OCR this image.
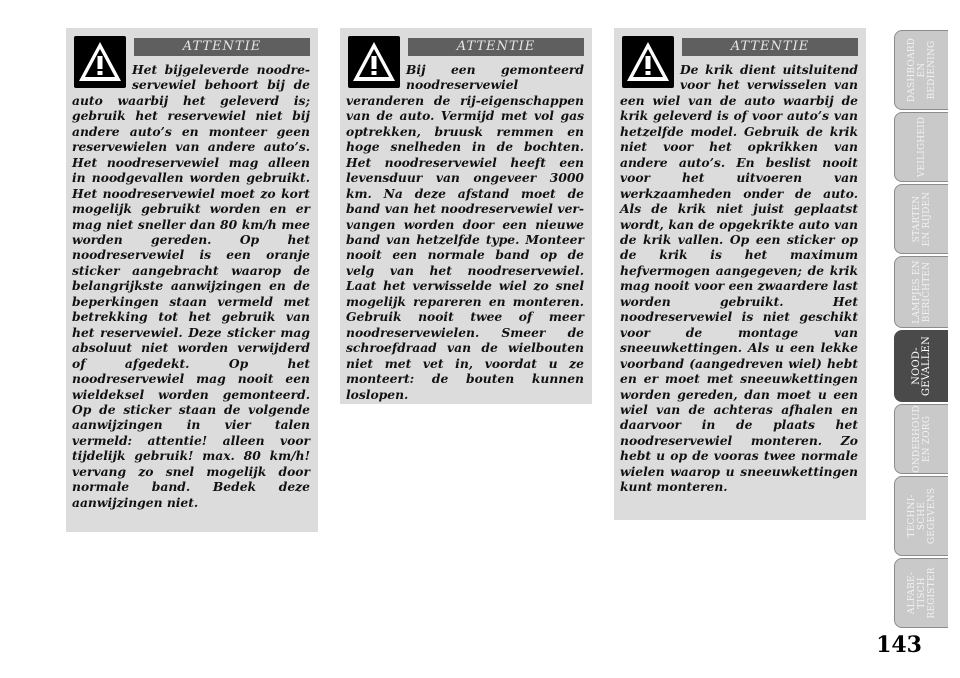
ATTENTIE

Het bijgeleverde noodreservewiel behoort bij de auto waarbij het geleverd is; gebruik het reservewiel niet bij andere auto’s en monteer geen reservewielen van andere auto’s. Het noodreservewiel mag alleen in noodgevallen worden gebruikt. Het noodreservewiel moet zo kort mogelijk gebruikt worden en er mag niet sneller dan 80 km/h mee worden gereden. Op het noodreservewiel is een oranje sticker aangebracht waarop de belangrijkste aanwijzingen en de beperkingen staan vermeld met betrekking tot het gebruik van het reservewiel. Deze sticker mag absoluut niet worden verwijderd of afgedekt. Op het noodreservewiel mag nooit een wieldeksel worden gemonteerd. Op de sticker staan de volgende aanwijzingen in vier talen vermeld: attentie! alleen voor tijdelijk gebruik! max. 80 km/h! vervang zo snel mogelijk door normale band. Bedek deze aanwijzingen niet.

ATTENTIE

Bij een gemonteerd noodreservewiel veranderen de rij-eigenschappen van de auto. Vermijd met vol gas optrekken, bruusk remmen en hoge snelheden in de bochten. Het noodreservewiel heeft een levensduur van ongeveer 3000 km. Na deze afstand moet de band van het noodreservewiel vervangen worden door een nieuwe band van hetzelfde type. Monteer nooit een normale band op de velg van het noodreservewiel. Laat het verwisselde wiel zo snel mogelijk repareren en monteren. Gebruik nooit twee of meer noodreservewielen. Smeer de schroefdraad van de wielbouten niet met vet in, voordat u ze monteert: de bouten kunnen loslopen.

ATTENTIE

De krik dient uitsluitend voor het verwisselen van een wiel van de auto waarbij de krik geleverd is of voor auto’s van hetzelfde model. Gebruik de krik niet voor het opkrikken van andere auto’s. En beslist nooit voor het uitvoeren van werkzaamheden onder de auto. Als de krik niet juist geplaatst wordt, kan de opgekrikte auto van de krik vallen. Op een sticker op de krik is het maximum hefvermogen aangegeven; de krik mag nooit voor een zwaardere last worden gebruikt. Het noodreservewiel is niet geschikt voor de montage van sneeuwkettingen. Als u een lekke voorband (aangedreven wiel) hebt en er moet met sneeuwkettingen worden gereden, dan moet u een wiel van de achteras afhalen en daarvoor in de plaats het noodreservewiel monteren. Zo hebt u op de vooras twee normale wielen waarop u sneeuwkettingen kunt monteren.

DASHBOARD
EN
BEDIENING
VEILIGHEID
STARTEN
EN RIJDEN
LAMPJES EN
BERICHTEN
NOOD-
GEVALLEN
ONDERHOUD
EN ZORG
TECHNI-
SCHE
GEGEVENS
ALFABE-
TISCH
REGISTER
143
